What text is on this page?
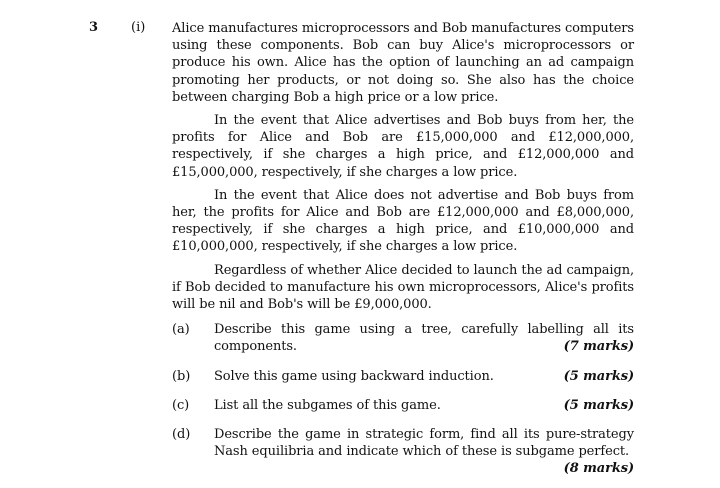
3	(i) Alice manufactures microprocessors and Bob manufactures computers using these components. Bob can buy Alice's microprocessors or produce his own. Alice has the option of launching an ad campaign promoting her products, or not doing so. She also has the choice between charging Bob a high price or a low price.

In the event that Alice advertises and Bob buys from her, the profits for Alice and Bob are £15,000,000 and £12,000,000, respectively, if she charges a high price, and £12,000,000 and £15,000,000, respectively, if she charges a low price.

In the event that Alice does not advertise and Bob buys from her, the profits for Alice and Bob are £12,000,000 and £8,000,000, respectively, if she charges a high price, and £10,000,000 and £10,000,000, respectively, if she charges a low price.

Regardless of whether Alice decided to launch the ad campaign, if Bob decided to manufacture his own microprocessors, Alice's profits will be nil and Bob's will be £9,000,000.

(a)	Describe this game using a tree, carefully labelling all its components.	(7 marks)
(b)	(5 marks)
Solve this game using backward induction.
(c)	(5 marks)
List all the subgames of this game.
(d)	Describe the game in strategic form, find all its pure-strategy Nash equilibria and indicate which of these is subgame perfect.
(8 marks)
